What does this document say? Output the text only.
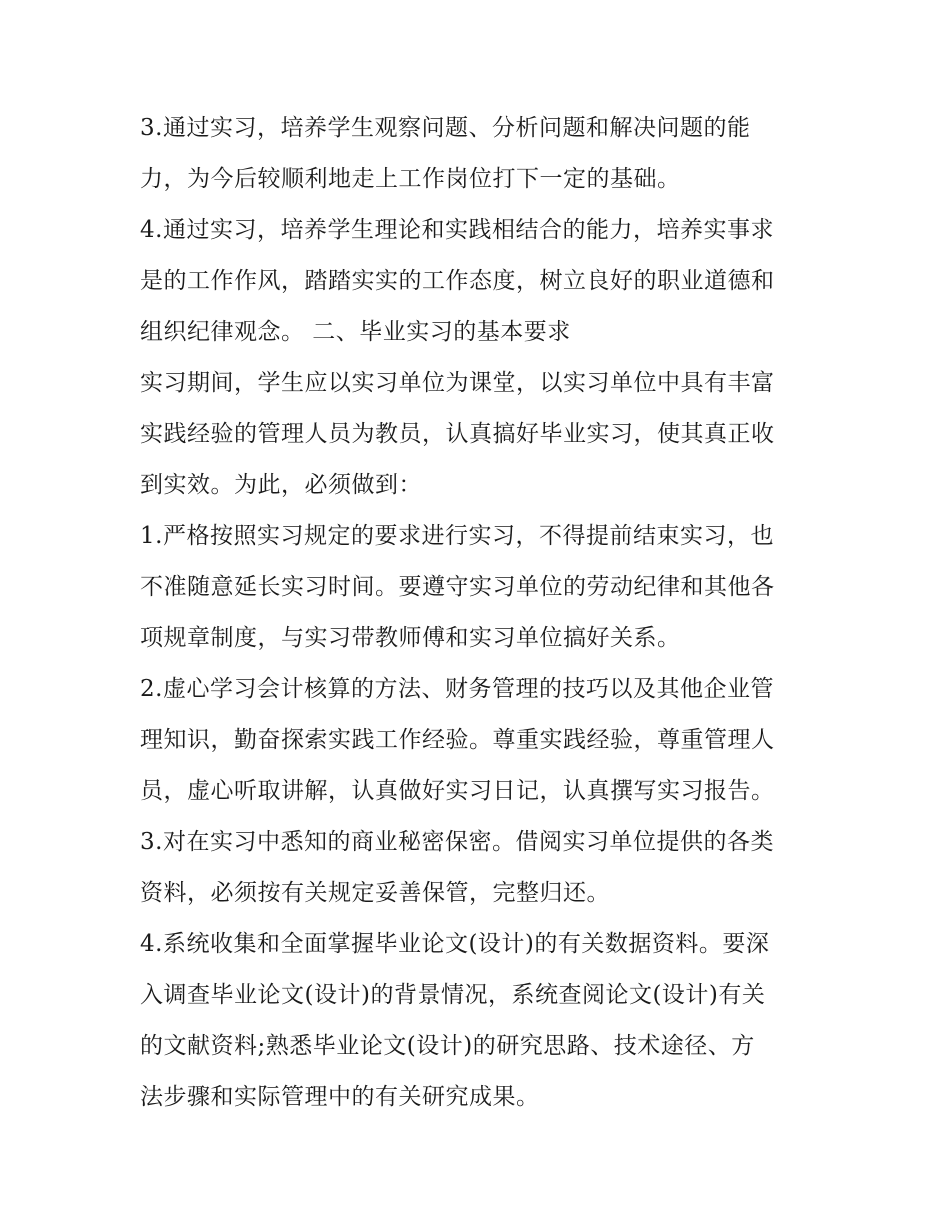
3.通过实习，培养学生观察问题、分析问题和解决问题的能
力，为今后较顺利地走上工作岗位打下一定的基础。
4.通过实习，培养学生理论和实践相结合的能力，培养实事求
是的工作作风，踏踏实实的工作态度，树立良好的职业道德和
组织纪律观念。 二、毕业实习的基本要求
实习期间，学生应以实习单位为课堂，以实习单位中具有丰富
实践经验的管理人员为教员，认真搞好毕业实习，使其真正收
到实效。为此，必须做到：
1.严格按照实习规定的要求进行实习，不得提前结束实习，也
不准随意延长实习时间。要遵守实习单位的劳动纪律和其他各
项规章制度，与实习带教师傅和实习单位搞好关系。
2.虚心学习会计核算的方法、财务管理的技巧以及其他企业管
理知识，勤奋探索实践工作经验。尊重实践经验，尊重管理人
员，虚心听取讲解，认真做好实习日记，认真撰写实习报告。
3.对在实习中悉知的商业秘密保密。借阅实习单位提供的各类
资料，必须按有关规定妥善保管，完整归还。
4.系统收集和全面掌握毕业论文(设计)的有关数据资料。要深
入调查毕业论文(设计)的背景情况，系统查阅论文(设计)有关
的文献资料;熟悉毕业论文(设计)的研究思路、技术途径、方
法步骤和实际管理中的有关研究成果。
